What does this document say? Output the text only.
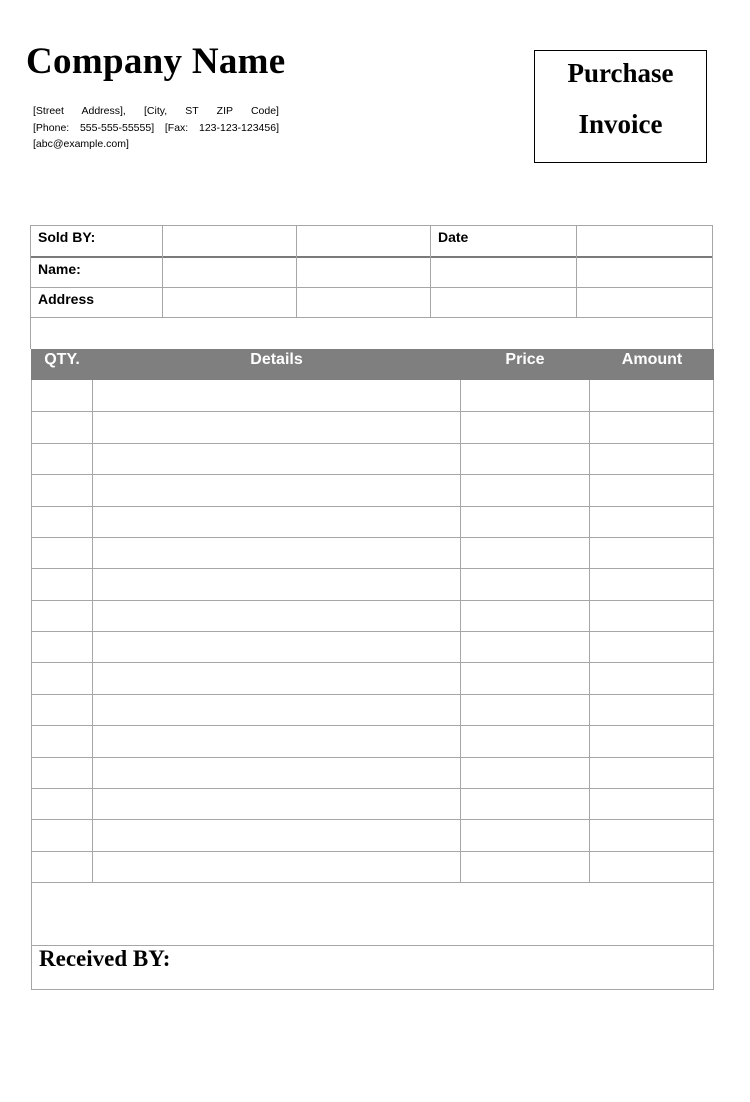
Company Name
[Street Address], [City, ST ZIP Code]
[Phone: 555-555-55555] [Fax: 123-123-123456]
[abc@example.com]
Purchase
Invoice
Sold BY:	Date
Name:
Address
QTY.	Details	Price	Amount
Received BY:
